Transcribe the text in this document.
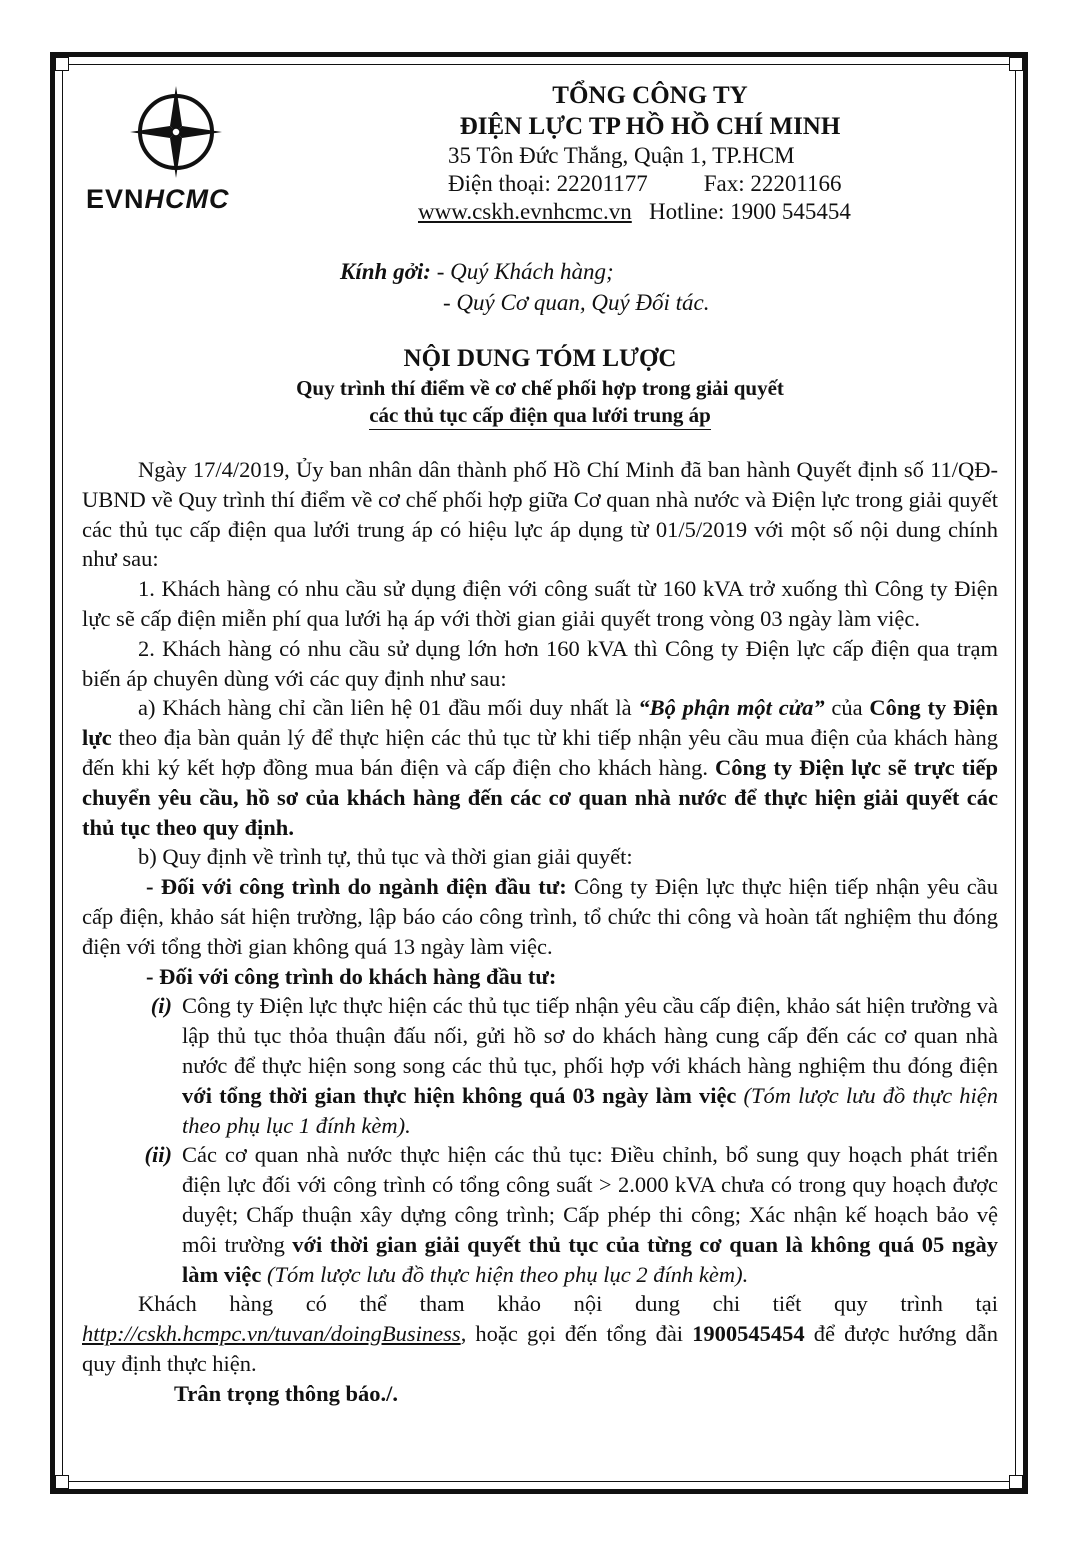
EVNHCMC
TỔNG CÔNG TY
ĐIỆN LỰC TP HỒ HỒ CHÍ MINH
35 Tôn Đức Thắng, Quận 1, TP.HCM
Điện thoại: 22201177 Fax: 22201166
www.cskh.evnhcmc.vn Hotline: 1900 545454
Kính gởi: - Quý Khách hàng;
- Quý Cơ quan, Quý Đối tác.
NỘI DUNG TÓM LƯỢC
Quy trình thí điểm về cơ chế phối hợp trong giải quyết
các thủ tục cấp điện qua lưới trung áp

Ngày 17/4/2019, Ủy ban nhân dân thành phố Hồ Chí Minh đã ban hành Quyết định số 11/QĐ-UBND về Quy trình thí điểm về cơ chế phối hợp giữa Cơ quan nhà nước và Điện lực trong giải quyết các thủ tục cấp điện qua lưới trung áp có hiệu lực áp dụng từ 01/5/2019 với một số nội dung chính như sau:

1. Khách hàng có nhu cầu sử dụng điện với công suất từ 160 kVA trở xuống thì Công ty Điện lực sẽ cấp điện miễn phí qua lưới hạ áp với thời gian giải quyết trong vòng 03 ngày làm việc.

2. Khách hàng có nhu cầu sử dụng lớn hơn 160 kVA thì Công ty Điện lực cấp điện qua trạm biến áp chuyên dùng với các quy định như sau:

a) Khách hàng chỉ cần liên hệ 01 đầu mối duy nhất là “Bộ phận một cửa” của Công ty Điện lực theo địa bàn quản lý để thực hiện các thủ tục từ khi tiếp nhận yêu cầu mua điện của khách hàng đến khi ký kết hợp đồng mua bán điện và cấp điện cho khách hàng. Công ty Điện lực sẽ trực tiếp chuyển yêu cầu, hồ sơ của khách hàng đến các cơ quan nhà nước để thực hiện giải quyết các thủ tục theo quy định.

b) Quy định về trình tự, thủ tục và thời gian giải quyết:

- Đối với công trình do ngành điện đầu tư: Công ty Điện lực thực hiện tiếp nhận yêu cầu cấp điện, khảo sát hiện trường, lập báo cáo công trình, tổ chức thi công và hoàn tất nghiệm thu đóng điện với tổng thời gian không quá 13 ngày làm việc.

- Đối với công trình do khách hàng đầu tư:

(i) Công ty Điện lực thực hiện các thủ tục tiếp nhận yêu cầu cấp điện, khảo sát hiện trường và lập thủ tục thỏa thuận đấu nối, gửi hồ sơ do khách hàng cung cấp đến các cơ quan nhà nước để thực hiện song song các thủ tục, phối hợp với khách hàng nghiệm thu đóng điện với tổng thời gian thực hiện không quá 03 ngày làm việc (Tóm lược lưu đồ thực hiện theo phụ lục 1 đính kèm).
(ii) Các cơ quan nhà nước thực hiện các thủ tục: Điều chỉnh, bổ sung quy hoạch phát triển điện lực đối với công trình có tổng công suất > 2.000 kVA chưa có trong quy hoạch được duyệt; Chấp thuận xây dựng công trình; Cấp phép thi công; Xác nhận kế hoạch bảo vệ môi trường với thời gian giải quyết thủ tục của từng cơ quan là không quá 05 ngày làm việc (Tóm lược lưu đồ thực hiện theo phụ lục 2 đính kèm).

Khách hàng có thể tham khảo nội dung chi tiết quy trình tại http://cskh.hcmpc.vn/tuvan/doingBusiness, hoặc gọi đến tổng đài 1900545454 để được hướng dẫn quy định thực hiện.

Trân trọng thông báo./.
